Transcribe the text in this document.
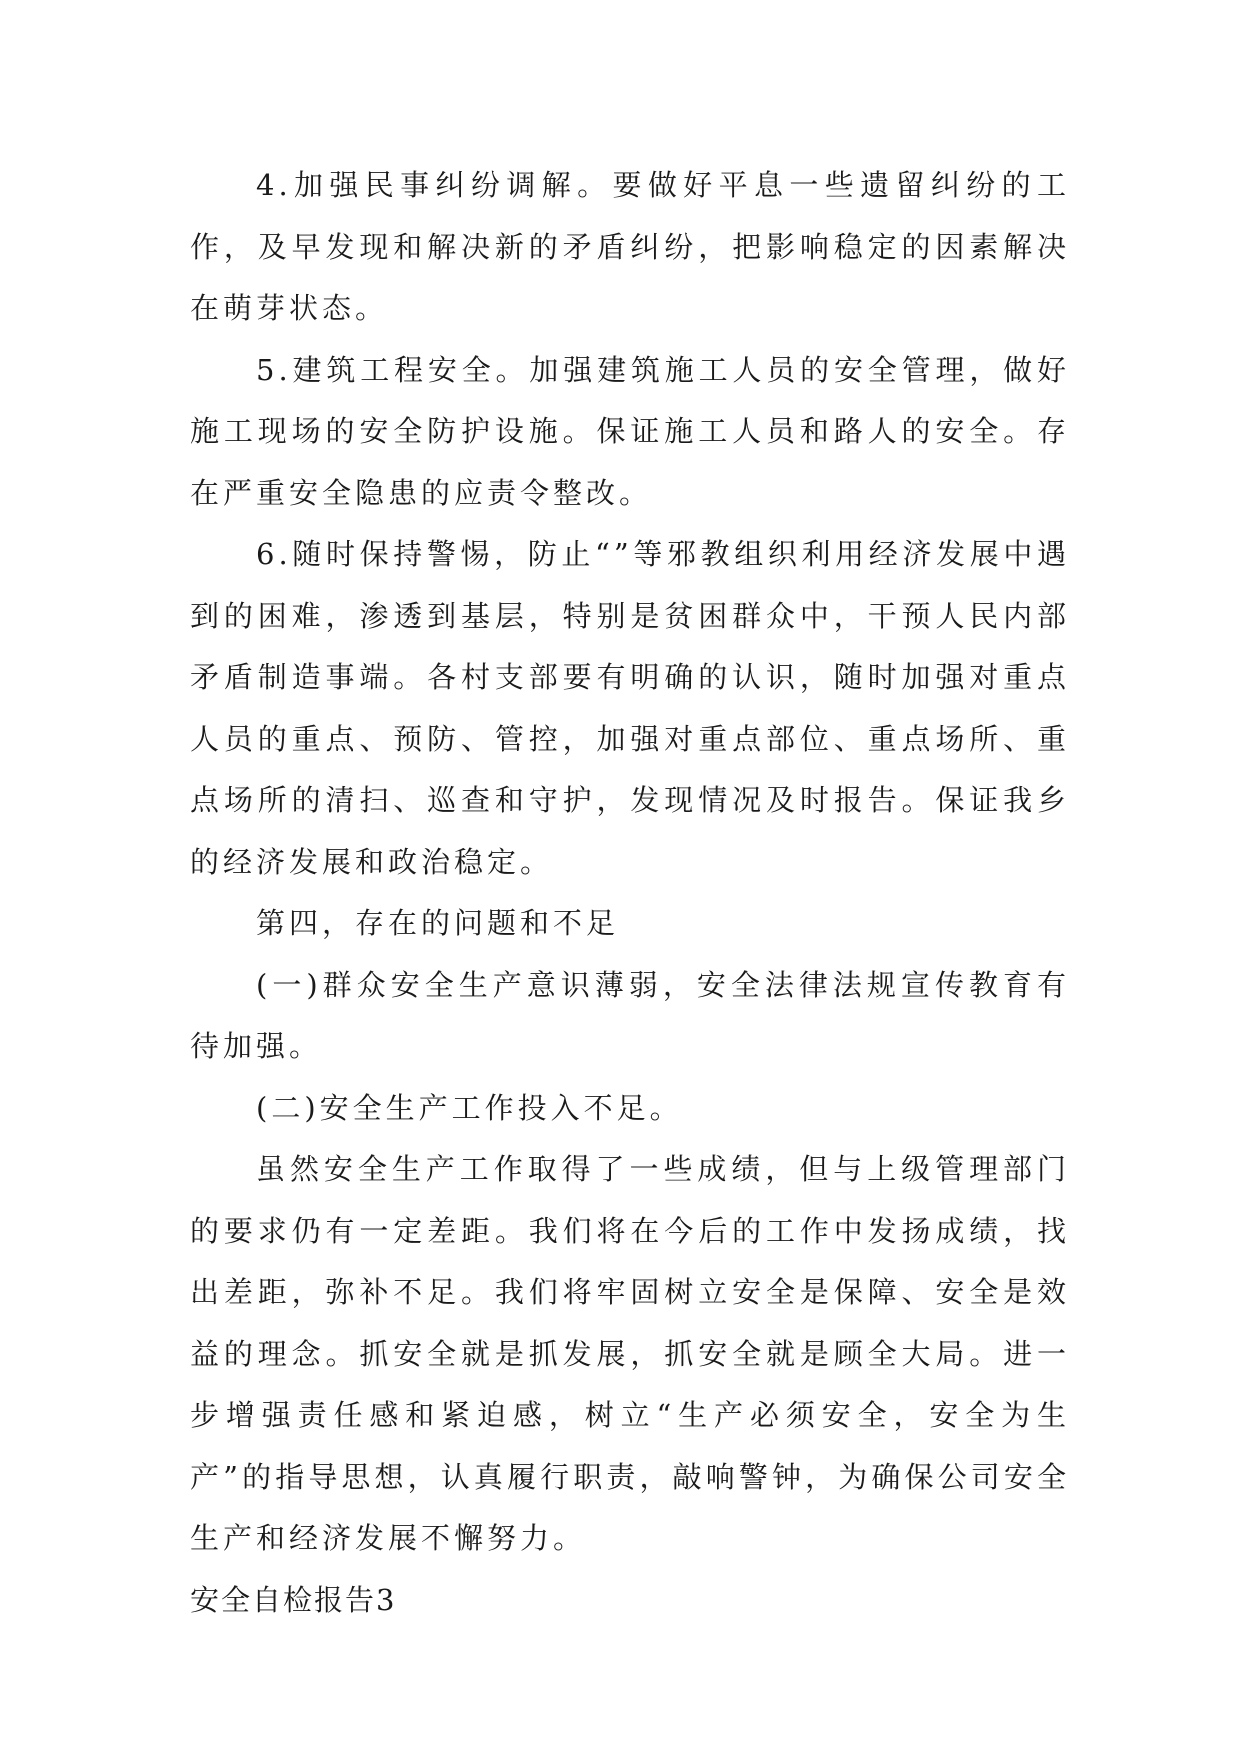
4.加强民事纠纷调解。要做好平息一些遗留纠纷的工作，及早发现和解决新的矛盾纠纷，把影响稳定的因素解决在萌芽状态。

5.建筑工程安全。加强建筑施工人员的安全管理，做好施工现场的安全防护设施。保证施工人员和路人的安全。存在严重安全隐患的应责令整改。

6.随时保持警惕，防止“”等邪教组织利用经济发展中遇到的困难，渗透到基层，特别是贫困群众中，干预人民内部矛盾制造事端。各村支部要有明确的认识，随时加强对重点人员的重点、预防、管控，加强对重点部位、重点场所、重点场所的清扫、巡查和守护，发现情况及时报告。保证我乡的经济发展和政治稳定。

第四，存在的问题和不足

(一)群众安全生产意识薄弱，安全法律法规宣传教育有待加强。

(二)安全生产工作投入不足。

虽然安全生产工作取得了一些成绩，但与上级管理部门的要求仍有一定差距。我们将在今后的工作中发扬成绩，找出差距，弥补不足。我们将牢固树立安全是保障、安全是效益的理念。抓安全就是抓发展，抓安全就是顾全大局。进一步增强责任感和紧迫感，树立“生产必须安全，安全为生产”的指导思想，认真履行职责，敲响警钟，为确保公司安全生产和经济发展不懈努力。

安全自检报告3
